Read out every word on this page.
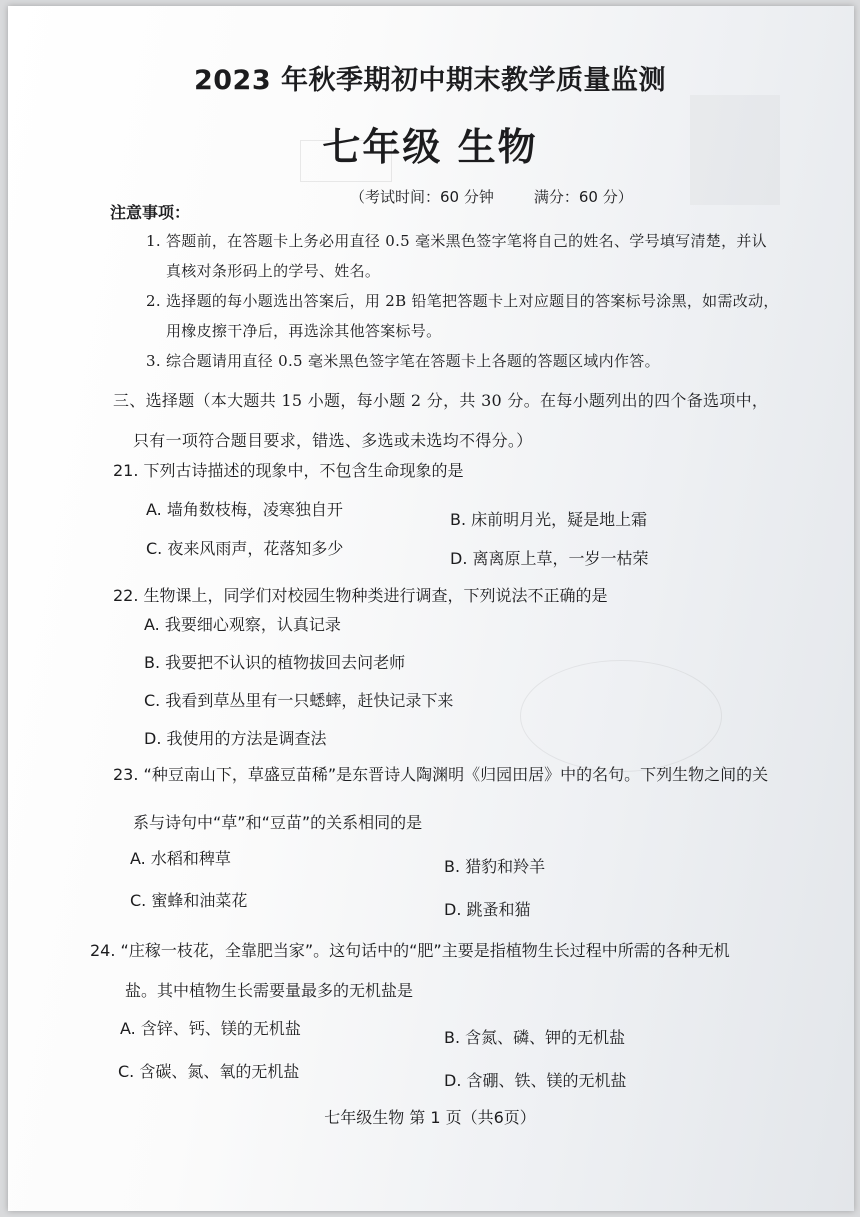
2023 年秋季期初中期末教学质量监测
七年级 生物
（考试时间：60 分钟	满分：60 分）
注意事项：
1. 答题前，在答题卡上务必用直径 0.5 毫米黑色签字笔将自己的姓名、学号填写清楚，并认
真核对条形码上的学号、姓名。
2. 选择题的每小题选出答案后，用 2B 铅笔把答题卡上对应题目的答案标号涂黑，如需改动，
用橡皮擦干净后，再选涂其他答案标号。
3. 综合题请用直径 0.5 毫米黑色签字笔在答题卡上各题的答题区域内作答。
三、选择题（本大题共 15 小题，每小题 2 分，共 30 分。在每小题列出的四个备选项中，
只有一项符合题目要求，错选、多选或未选均不得分。）
21. 下列古诗描述的现象中，不包含生命现象的是
A. 墙角数枝梅，凌寒独自开
B. 床前明月光，疑是地上霜
C. 夜来风雨声，花落知多少
D. 离离原上草，一岁一枯荣
22. 生物课上，同学们对校园生物种类进行调查，下列说法不正确的是
A. 我要细心观察，认真记录
B. 我要把不认识的植物拔回去问老师
C. 我看到草丛里有一只蟋蟀，赶快记录下来
D. 我使用的方法是调查法
23. “种豆南山下，草盛豆苗稀”是东晋诗人陶渊明《归园田居》中的名句。下列生物之间的关
系与诗句中“草”和“豆苗”的关系相同的是
A. 水稻和稗草	B. 猎豹和羚羊
C. 蜜蜂和油菜花	D. 跳蚤和猫
24. “庄稼一枝花，全靠肥当家”。这句话中的“肥”主要是指植物生长过程中所需的各种无机
盐。其中植物生长需要量最多的无机盐是
A. 含锌、钙、镁的无机盐	B. 含氮、磷、钾的无机盐
C. 含碳、氮、氧的无机盐	D. 含硼、铁、镁的无机盐
七年级生物 第 1 页（共6页）
